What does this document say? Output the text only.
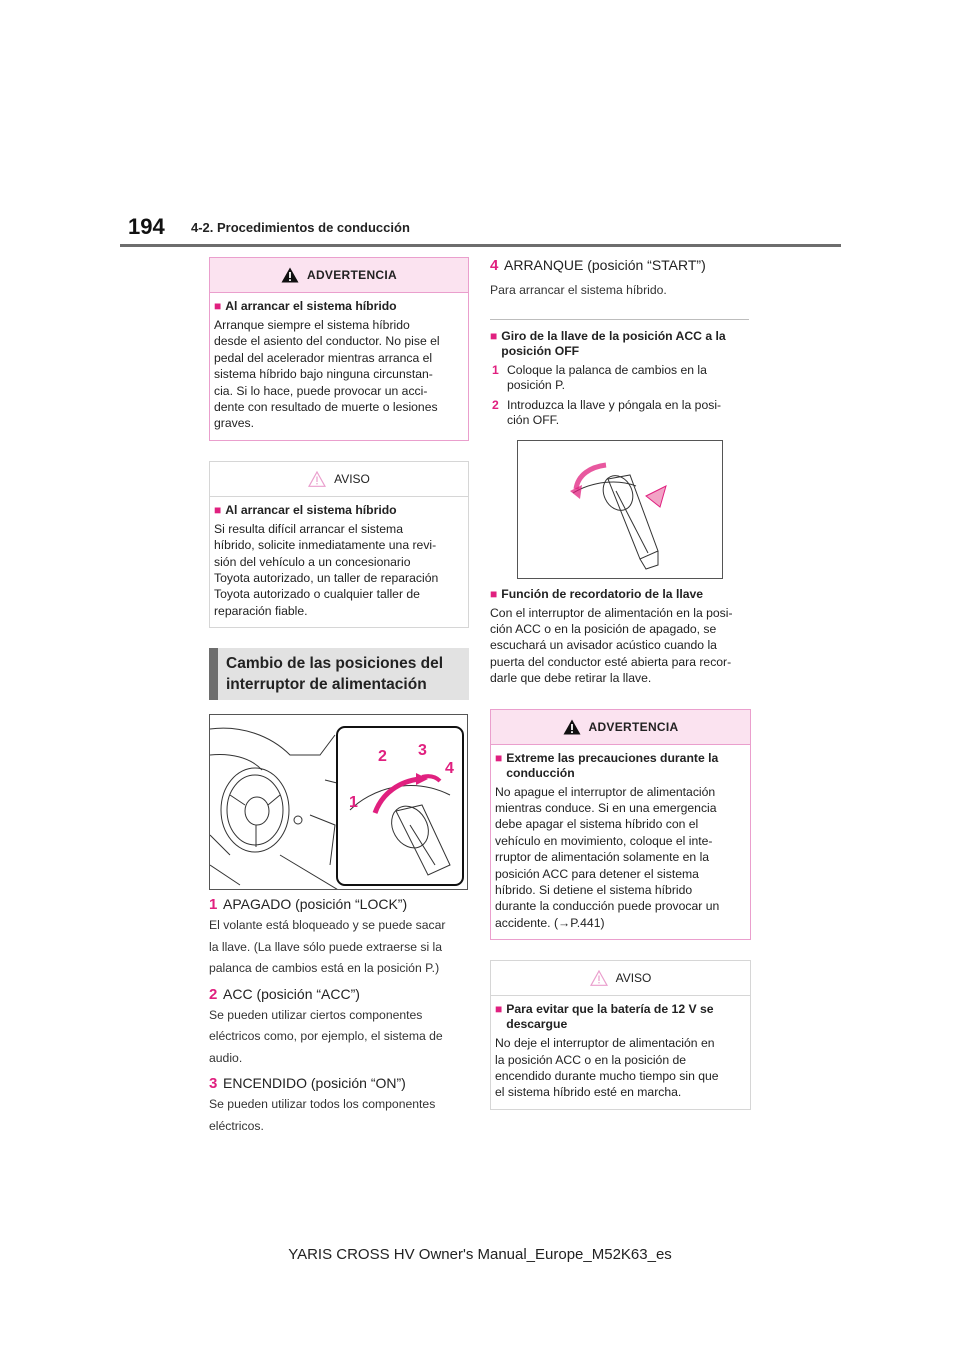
194 4-2. Procedimientos de conducción
ADVERTENCIA
■ Al arrancar el sistema híbrido
Arranque siempre el sistema híbrido
desde el asiento del conductor. No pise el
pedal del acelerador mientras arranca el
sistema híbrido bajo ninguna circunstan-
cia. Si lo hace, puede provocar un acci-
dente con resultado de muerte o lesiones
graves.
AVISO
■ Al arrancar el sistema híbrido
Si resulta difícil arrancar el sistema
híbrido, solicite inmediatamente una revi-
sión del vehículo a un concesionario
Toyota autorizado, un taller de reparación
Toyota autorizado o cualquier taller de
reparación fiable.
Cambio de las posiciones del
interruptor de alimentación
1
2 3
4
1 APAGADO (posición “LOCK”)
El volante está bloqueado y se puede sacar
la llave. (La llave sólo puede extraerse si la
palanca de cambios está en la posición P.)
2 ACC (posición “ACC”)
Se pueden utilizar ciertos componentes
eléctricos como, por ejemplo, el sistema de
audio.
3 ENCENDIDO (posición “ON”)
Se pueden utilizar todos los componentes
eléctricos.
4 ARRANQUE (posición “START”)
Para arrancar el sistema híbrido.
■ Giro de la llave de la posición ACC a la
posición OFF
1 Coloque la palanca de cambios en la
posición P.
2 Introduzca la llave y póngala en la posi-
ción OFF.
■ Función de recordatorio de la llave
Con el interruptor de alimentación en la posi-
ción ACC o en la posición de apagado, se
escuchará un avisador acústico cuando la
puerta del conductor esté abierta para recor-
darle que debe retirar la llave.
ADVERTENCIA
■ Extreme las precauciones durante la
conducción
No apague el interruptor de alimentación
mientras conduce. Si en una emergencia
debe apagar el sistema híbrido con el
vehículo en movimiento, coloque el inte-
rruptor de alimentación solamente en la
posición ACC para detener el sistema
híbrido. Si detiene el sistema híbrido
durante la conducción puede provocar un
accidente. (→P.441)
AVISO
■ Para evitar que la batería de 12 V se
descargue
No deje el interruptor de alimentación en
la posición ACC o en la posición de
encendido durante mucho tiempo sin que
el sistema híbrido esté en marcha.
YARIS CROSS HV Owner's Manual_Europe_M52K63_es
